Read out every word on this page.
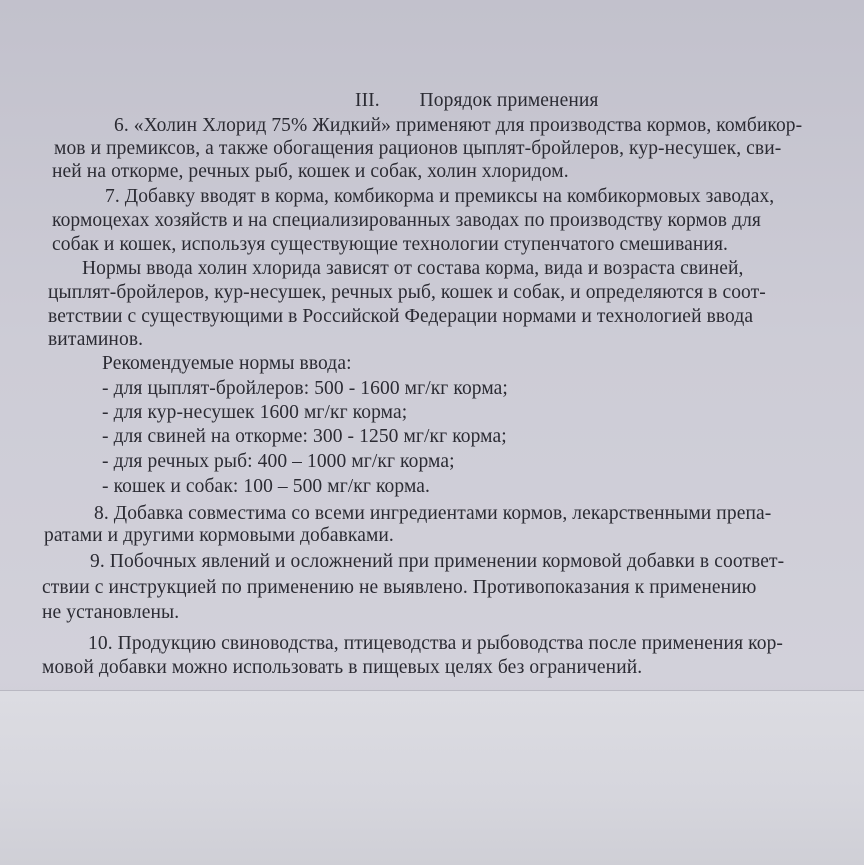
III.        Порядок применения
6. «Холин Хлорид 75% Жидкий» применяют для производства кормов, комбикор-
мов и премиксов, а также обогащения рационов цыплят-бройлеров, кур-несушек, сви-
ней на откорме, речных рыб, кошек и собак, холин хлоридом.
7. Добавку вводят в корма, комбикорма и премиксы на комбикормовых заводах,
кормоцехах хозяйств и на специализированных заводах по производству кормов для
собак и кошек, используя существующие технологии ступенчатого смешивания.
Нормы ввода холин хлорида зависят от состава корма, вида и возраста свиней,
цыплят-бройлеров, кур-несушек, речных рыб, кошек и собак, и определяются в соот-
ветствии с существующими в Российской Федерации нормами и технологией ввода
витаминов.
Рекомендуемые нормы ввода:
- для цыплят-бройлеров: 500 - 1600 мг/кг корма;
- для кур-несушек 1600 мг/кг корма;
- для свиней на откорме: 300 - 1250 мг/кг корма;
- для речных рыб: 400 – 1000 мг/кг корма;
- кошек и собак: 100 – 500 мг/кг корма.
8. Добавка совместима со всеми ингредиентами кормов, лекарственными препа-
ратами и другими кормовыми добавками.
9. Побочных явлений и осложнений при применении кормовой добавки в соответ-
ствии с инструкцией по применению не выявлено. Противопоказания к применению
не установлены.
10. Продукцию свиноводства, птицеводства и рыбоводства после применения кор-
мовой добавки можно использовать в пищевых целях без ограничений.
